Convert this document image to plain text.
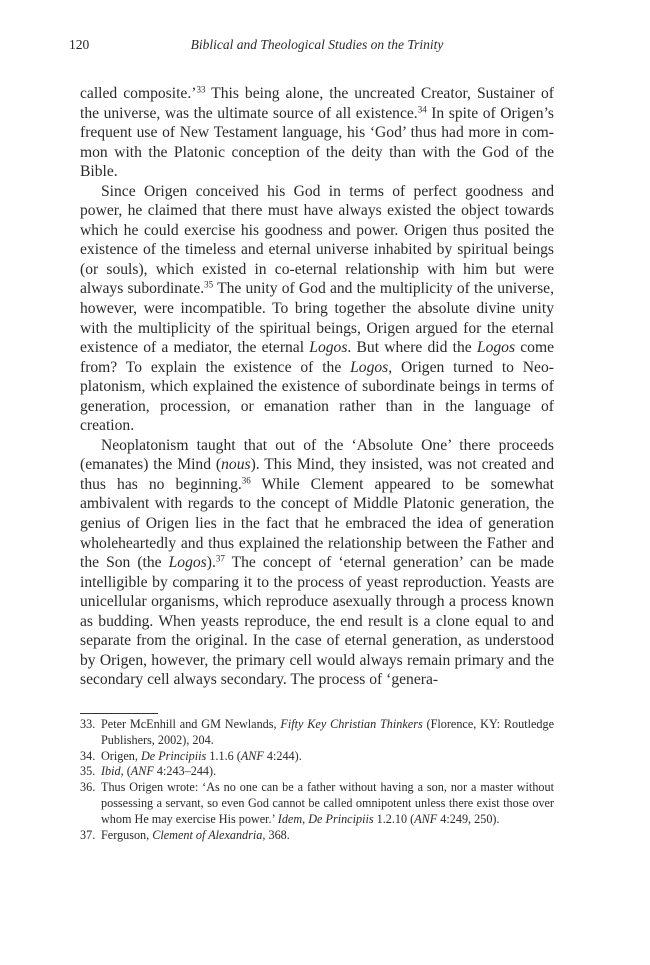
120	Biblical and Theological Studies on the Trinity

called composite.’$^{33}$ This being alone, the uncreated Creator, Sustainer of the universe, was the ultimate source of all existence.$^{34}$ In spite of Origen’s frequent use of New Testament language, his ‘God’ thus had more in common with the Platonic conception of the deity than with the God of the Bible.

Since Origen conceived his God in terms of perfect goodness and power, he claimed that there must have always existed the object towards which he could exercise his goodness and power. Origen thus posited the existence of the timeless and eternal universe inhabited by spiritual beings (or souls), which existed in co-eternal relationship with him but were always subordinate.$^{35}$ The unity of God and the multiplicity of the universe, however, were incompatible. To bring together the absolute divine unity with the multiplicity of the spiritual beings, Origen argued for the eternal existence of a mediator, the eternal Logos. But where did the Logos come from? To explain the existence of the Logos, Origen turned to Neoplatonism, which explained the existence of subordinate beings in terms of generation, procession, or emanation rather than in the language of creation.

Neoplatonism taught that out of the ‘Absolute One’ there proceeds (emanates) the Mind (nous). This Mind, they insisted, was not created and thus has no beginning.$^{36}$ While Clement appeared to be somewhat ambivalent with regards to the concept of Middle Platonic generation, the genius of Origen lies in the fact that he embraced the idea of generation wholeheartedly and thus explained the relationship between the Father and the Son (the Logos).$^{37}$ The concept of ‘eternal generation’ can be made intelligible by comparing it to the process of yeast reproduction. Yeasts are unicellular organisms, which reproduce asexually through a process known as budding. When yeasts reproduce, the end result is a clone equal to and separate from the original. In the case of eternal generation, as understood by Origen, however, the primary cell would always remain primary and the secondary cell always secondary. The process of ‘genera-

33. Peter McEnhill and GM Newlands, Fifty Key Christian Thinkers (Florence, KY: Routledge Publishers, 2002), 204.
34. Origen, De Principiis 1.1.6 (ANF 4:244).
35. Ibid, (ANF 4:243–244).
36. Thus Origen wrote: ‘As no one can be a father without having a son, nor a master without possessing a servant, so even God cannot be called omnipotent unless there exist those over whom He may exercise His power.’ Idem, De Principiis 1.2.10 (ANF 4:249, 250).
37. Ferguson, Clement of Alexandria, 368.
